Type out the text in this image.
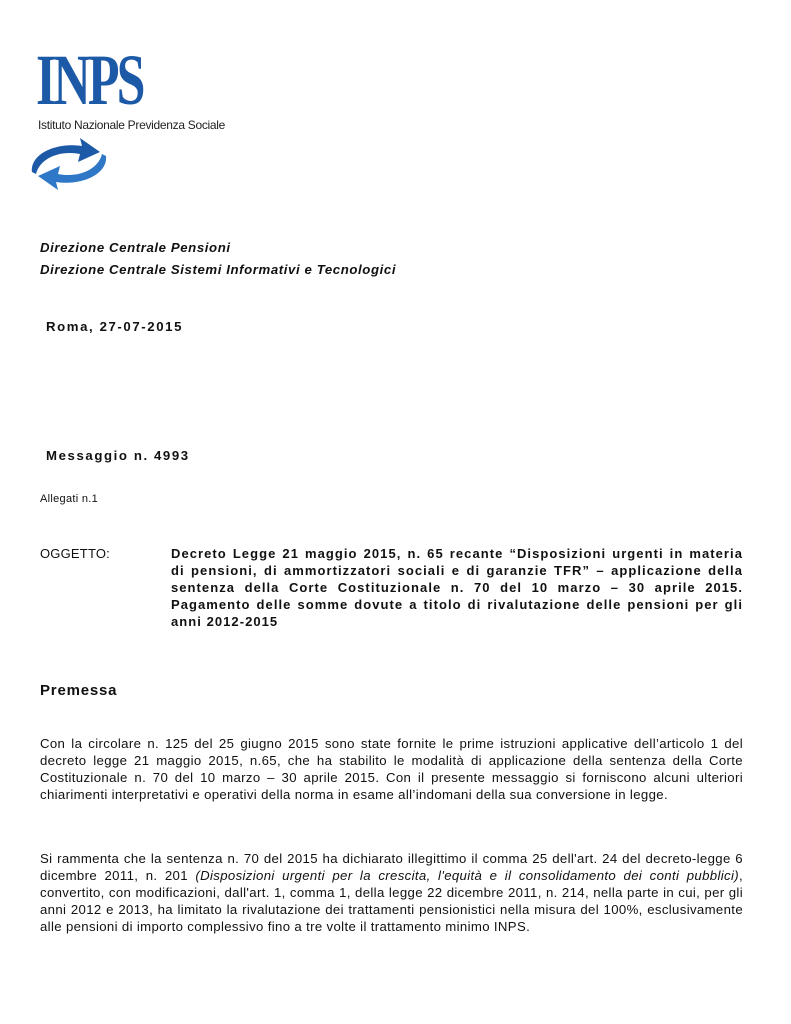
INPS
Istituto Nazionale Previdenza Sociale
Direzione Centrale Pensioni
Direzione Centrale Sistemi Informativi e Tecnologici
Roma, 27-07-2015
Messaggio n. 4993
Allegati n.1
OGGETTO:	Decreto Legge 21 maggio 2015, n. 65 recante “Disposizioni urgenti in materia di pensioni, di ammortizzatori sociali e di garanzie TFR” – applicazione della sentenza della Corte Costituzionale n. 70 del 10 marzo – 30 aprile 2015. Pagamento delle somme dovute a titolo di rivalutazione delle pensioni per gli anni 2012-2015
Premessa

Con la circolare n. 125 del 25 giugno 2015 sono state fornite le prime istruzioni applicative dell’articolo 1 del decreto legge 21 maggio 2015, n.65, che ha stabilito le modalità di applicazione della sentenza della Corte Costituzionale n. 70 del 10 marzo – 30 aprile 2015. Con il presente messaggio si forniscono alcuni ulteriori chiarimenti interpretativi e operativi della norma in esame all’indomani della sua conversione in legge.

Si rammenta che la sentenza n. 70 del 2015 ha dichiarato illegittimo il comma 25 dell'art. 24 del decreto-legge 6 dicembre 2011, n. 201 (Disposizioni urgenti per la crescita, l'equità e il consolidamento dei conti pubblici), convertito, con modificazioni, dall'art. 1, comma 1, della legge 22 dicembre 2011, n. 214, nella parte in cui, per gli anni 2012 e 2013, ha limitato la rivalutazione dei trattamenti pensionistici nella misura del 100%, esclusivamente alle pensioni di importo complessivo fino a tre volte il trattamento minimo INPS.
